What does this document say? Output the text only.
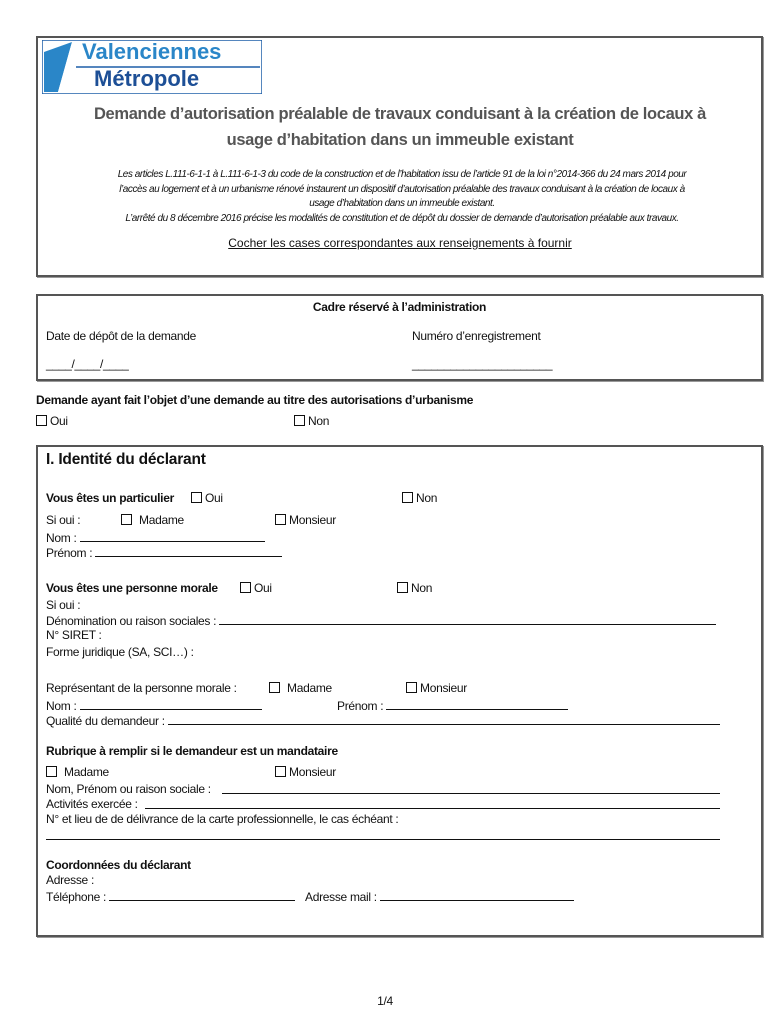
Valenciennes
Métropole
Demande d’autorisation préalable de travaux conduisant à la création de locaux à
usage d’habitation dans un immeuble existant
Les articles L.111-6-1-1 à L.111-6-1-3 du code de la construction et de l’habitation issu de l’article 91 de la loi n°2014-366 du 24 mars 2014 pour
l’accès au logement et à un urbanisme rénové instaurent un dispositif d’autorisation préalable des travaux conduisant à la création de locaux à
usage d’habitation dans un immeuble existant.
L’arrêté du 8 décembre 2016 précise les modalités de constitution et de dépôt du dossier de demande d’autorisation préalable aux travaux.
Cocher les cases correspondantes aux renseignements à fournir
Cadre réservé à l’administration
Date de dépôt de la demande
____/____/____
Numéro d’enregistrement
______________________
Demande ayant fait l’objet d’une demande au titre des autorisations d’urbanisme
Oui	Non
I. Identité du déclarant
Vous êtes un particulier	Oui	Non
Si oui :	Madame	Monsieur
Nom :
Prénom :
Vous êtes une personne morale	Oui	Non
Si oui :
Dénomination ou raison sociales :
N° SIRET :
Forme juridique (SA, SCI…) :
Représentant de la personne morale :	Madame	Monsieur
Nom :	Prénom :
Qualité du demandeur :
Rubrique à remplir si le demandeur est un mandataire
Madame	Monsieur
Nom, Prénom ou raison sociale :
Activités exercée :
N° et lieu de de délivrance de la carte professionnelle, le cas échéant :
Coordonnées du déclarant
Adresse :
Téléphone :	Adresse mail :
1/4
